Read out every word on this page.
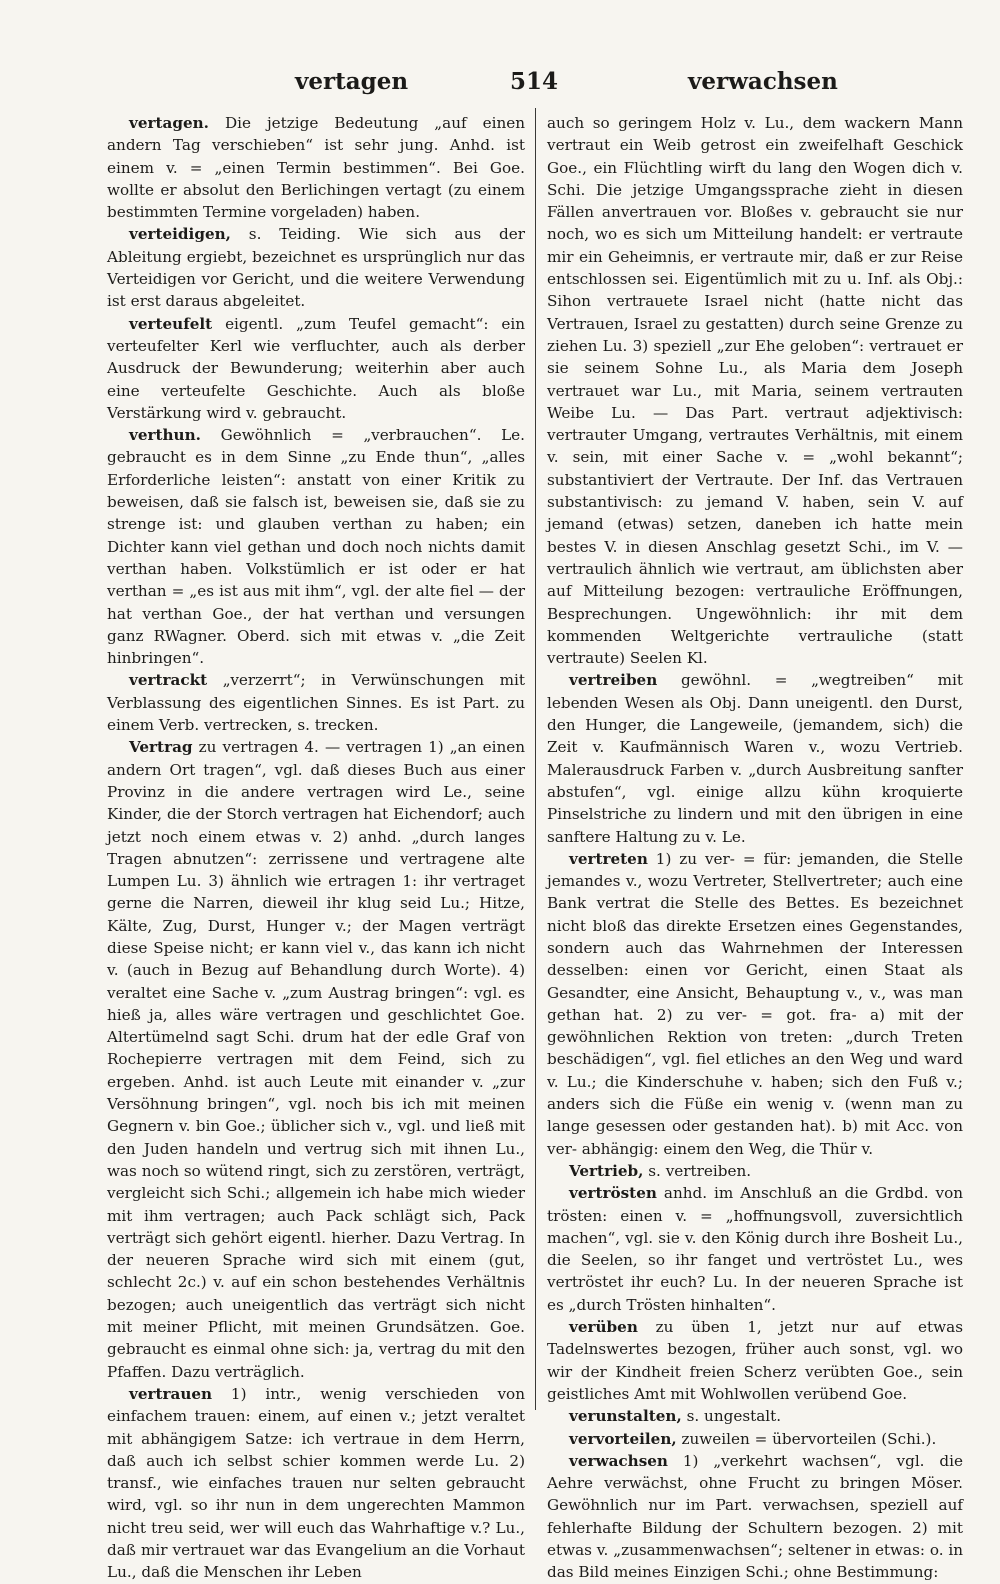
vertagen	514	verwachsen

vertagen. Die jetzige Bedeutung „auf einen andern Tag verschieben“ ist sehr jung. Anhd. ist einem v. = „einen Termin bestimmen“. Bei Goe. wollte er absolut den Berlichingen vertagt (zu einem bestimmten Termine vorgeladen) haben.

verteidigen, s. Teiding. Wie sich aus der Ableitung ergiebt, bezeichnet es ursprünglich nur das Verteidigen vor Gericht, und die weitere Verwendung ist erst daraus abgeleitet.

verteufelt eigentl. „zum Teufel gemacht“: ein verteufelter Kerl wie verfluchter, auch als derber Ausdruck der Bewunderung; weiterhin aber auch eine verteufelte Geschichte. Auch als bloße Verstärkung wird v. gebraucht.

verthun. Gewöhnlich = „verbrauchen“. Le. gebraucht es in dem Sinne „zu Ende thun“, „alles Erforderliche leisten“: anstatt von einer Kritik zu beweisen, daß sie falsch ist, beweisen sie, daß sie zu strenge ist: und glauben verthan zu haben; ein Dichter kann viel gethan und doch noch nichts damit verthan haben. Volkstümlich er ist oder er hat verthan = „es ist aus mit ihm“, vgl. der alte fiel — der hat verthan Goe., der hat verthan und versungen ganz RWagner. Oberd. sich mit etwas v. „die Zeit hinbringen“.

vertrackt „verzerrt“; in Verwünschungen mit Verblassung des eigentlichen Sinnes. Es ist Part. zu einem Verb. vertrecken, s. trecken.

Vertrag zu vertragen 4. — vertragen 1) „an einen andern Ort tragen“, vgl. daß dieses Buch aus einer Provinz in die andere vertragen wird Le., seine Kinder, die der Storch vertragen hat Eichendorf; auch jetzt noch einem etwas v. 2) anhd. „durch langes Tragen abnutzen“: zerrissene und vertragene alte Lumpen Lu. 3) ähnlich wie ertragen 1: ihr vertraget gerne die Narren, dieweil ihr klug seid Lu.; Hitze, Kälte, Zug, Durst, Hunger v.; der Magen verträgt diese Speise nicht; er kann viel v., das kann ich nicht v. (auch in Bezug auf Behandlung durch Worte). 4) veraltet eine Sache v. „zum Austrag bringen“: vgl. es hieß ja, alles wäre vertragen und geschlichtet Goe. Altertümelnd sagt Schi. drum hat der edle Graf von Rochepierre vertragen mit dem Feind, sich zu ergeben. Anhd. ist auch Leute mit einander v. „zur Versöhnung bringen“, vgl. noch bis ich mit meinen Gegnern v. bin Goe.; üblicher sich v., vgl. und ließ mit den Juden handeln und vertrug sich mit ihnen Lu., was noch so wütend ringt, sich zu zerstören, verträgt, vergleicht sich Schi.; allgemein ich habe mich wieder mit ihm vertragen; auch Pack schlägt sich, Pack verträgt sich gehört eigentl. hierher. Dazu Vertrag. In der neueren Sprache wird sich mit einem (gut, schlecht 2c.) v. auf ein schon bestehendes Verhältnis bezogen; auch uneigentlich das verträgt sich nicht mit meiner Pflicht, mit meinen Grundsätzen. Goe. gebraucht es einmal ohne sich: ja, vertrag du mit den Pfaffen. Dazu verträglich.

vertrauen 1) intr., wenig verschieden von einfachem trauen: einem, auf einen v.; jetzt veraltet mit abhängigem Satze: ich vertraue in dem Herrn, daß auch ich selbst schier kommen werde Lu. 2) transf., wie einfaches trauen nur selten gebraucht wird, vgl. so ihr nun in dem ungerechten Mammon nicht treu seid, wer will euch das Wahrhaftige v.? Lu., daß mir vertrauet war das Evangelium an die Vorhaut Lu., daß die Menschen ihr Leben

auch so geringem Holz v. Lu., dem wackern Mann vertraut ein Weib getrost ein zweifelhaft Geschick Goe., ein Flüchtling wirft du lang den Wogen dich v. Schi. Die jetzige Umgangssprache zieht in diesen Fällen anvertrauen vor. Bloßes v. gebraucht sie nur noch, wo es sich um Mitteilung handelt: er vertraute mir ein Geheimnis, er vertraute mir, daß er zur Reise entschlossen sei. Eigentümlich mit zu u. Inf. als Obj.: Sihon vertrauete Israel nicht (hatte nicht das Vertrauen, Israel zu gestatten) durch seine Grenze zu ziehen Lu. 3) speziell „zur Ehe geloben“: vertrauet er sie seinem Sohne Lu., als Maria dem Joseph vertrauet war Lu., mit Maria, seinem vertrauten Weibe Lu. — Das Part. vertraut adjektivisch: vertrauter Umgang, vertrautes Verhältnis, mit einem v. sein, mit einer Sache v. = „wohl bekannt“; substantiviert der Vertraute. Der Inf. das Vertrauen substantivisch: zu jemand V. haben, sein V. auf jemand (etwas) setzen, daneben ich hatte mein bestes V. in diesen Anschlag gesetzt Schi., im V. — vertraulich ähnlich wie vertraut, am üblichsten aber auf Mitteilung bezogen: vertrauliche Eröffnungen, Besprechungen. Ungewöhnlich: ihr mit dem kommenden Weltgerichte vertrauliche (statt vertraute) Seelen Kl.

vertreiben gewöhnl. = „wegtreiben“ mit lebenden Wesen als Obj. Dann uneigentl. den Durst, den Hunger, die Langeweile, (jemandem, sich) die Zeit v. Kaufmännisch Waren v., wozu Vertrieb. Malerausdruck Farben v. „durch Ausbreitung sanfter abstufen“, vgl. einige allzu kühn kroquierte Pinselstriche zu lindern und mit den übrigen in eine sanftere Haltung zu v. Le.

vertreten 1) zu ver- = für: jemanden, die Stelle jemandes v., wozu Vertreter, Stellvertreter; auch eine Bank vertrat die Stelle des Bettes. Es bezeichnet nicht bloß das direkte Ersetzen eines Gegenstandes, sondern auch das Wahrnehmen der Interessen desselben: einen vor Gericht, einen Staat als Gesandter, eine Ansicht, Behauptung v., v., was man gethan hat. 2) zu ver- = got. fra- a) mit der gewöhnlichen Rektion von treten: „durch Treten beschädigen“, vgl. fiel etliches an den Weg und ward v. Lu.; die Kinderschuhe v. haben; sich den Fuß v.; anders sich die Füße ein wenig v. (wenn man zu lange gesessen oder gestanden hat). b) mit Acc. von ver- abhängig: einem den Weg, die Thür v.

Vertrieb, s. vertreiben.

vertrösten anhd. im Anschluß an die Grdbd. von trösten: einen v. = „hoffnungsvoll, zuversichtlich machen“, vgl. sie v. den König durch ihre Bosheit Lu., die Seelen, so ihr fanget und vertröstet Lu., wes vertröstet ihr euch? Lu. In der neueren Sprache ist es „durch Trösten hinhalten“.

verüben zu üben 1, jetzt nur auf etwas Tadelnswertes bezogen, früher auch sonst, vgl. wo wir der Kindheit freien Scherz verübten Goe., sein geistliches Amt mit Wohlwollen verübend Goe.

verunstalten, s. ungestalt.

vervorteilen, zuweilen = übervorteilen (Schi.).

verwachsen 1) „verkehrt wachsen“, vgl. die Aehre verwächst, ohne Frucht zu bringen Möser. Gewöhnlich nur im Part. verwachsen, speziell auf fehlerhafte Bildung der Schultern bezogen. 2) mit etwas v. „zusammenwachsen“; seltener in etwas: o. in das Bild meines Einzigen Schi.; ohne Bestimmung:
